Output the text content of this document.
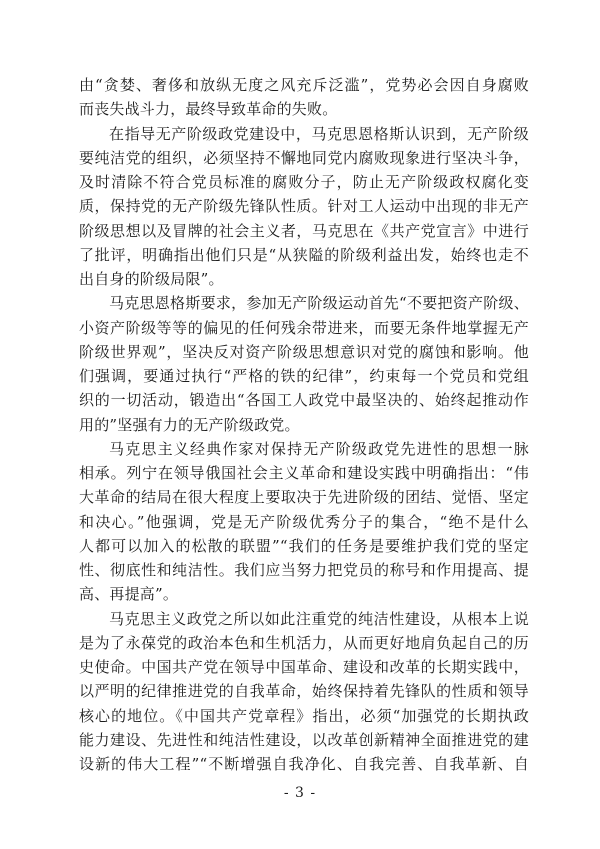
由“贪婪、奢侈和放纵无度之风充斥泛滥”，党势必会因自身腐败
而丧失战斗力，最终导致革命的失败。
在指导无产阶级政党建设中，马克思恩格斯认识到，无产阶级
要纯洁党的组织，必须坚持不懈地同党内腐败现象进行坚决斗争，
及时清除不符合党员标准的腐败分子，防止无产阶级政权腐化变
质，保持党的无产阶级先锋队性质。针对工人运动中出现的非无产
阶级思想以及冒牌的社会主义者，马克思在《共产党宣言》中进行
了批评，明确指出他们只是“从狭隘的阶级利益出发，始终也走不
出自身的阶级局限”。
马克思恩格斯要求，参加无产阶级运动首先“不要把资产阶级、
小资产阶级等等的偏见的任何残余带进来，而要无条件地掌握无产
阶级世界观”，坚决反对资产阶级思想意识对党的腐蚀和影响。他
们强调，要通过执行“严格的铁的纪律”，约束每一个党员和党组
织的一切活动，锻造出“各国工人政党中最坚决的、始终起推动作
用的”坚强有力的无产阶级政党。
马克思主义经典作家对保持无产阶级政党先进性的思想一脉
相承。列宁在领导俄国社会主义革命和建设实践中明确指出：“伟
大革命的结局在很大程度上要取决于先进阶级的团结、觉悟、坚定
和决心。”他强调，党是无产阶级优秀分子的集合，“绝不是什么
人都可以加入的松散的联盟”“我们的任务是要维护我们党的坚定
性、彻底性和纯洁性。我们应当努力把党员的称号和作用提高、提
高、再提高”。
马克思主义政党之所以如此注重党的纯洁性建设，从根本上说
是为了永葆党的政治本色和生机活力，从而更好地肩负起自己的历
史使命。中国共产党在领导中国革命、建设和改革的长期实践中，
以严明的纪律推进党的自我革命，始终保持着先锋队的性质和领导
核心的地位。《中国共产党章程》指出，必须“加强党的长期执政
能力建设、先进性和纯洁性建设，以改革创新精神全面推进党的建
设新的伟大工程”“不断增强自我净化、自我完善、自我革新、自
- 3 -
